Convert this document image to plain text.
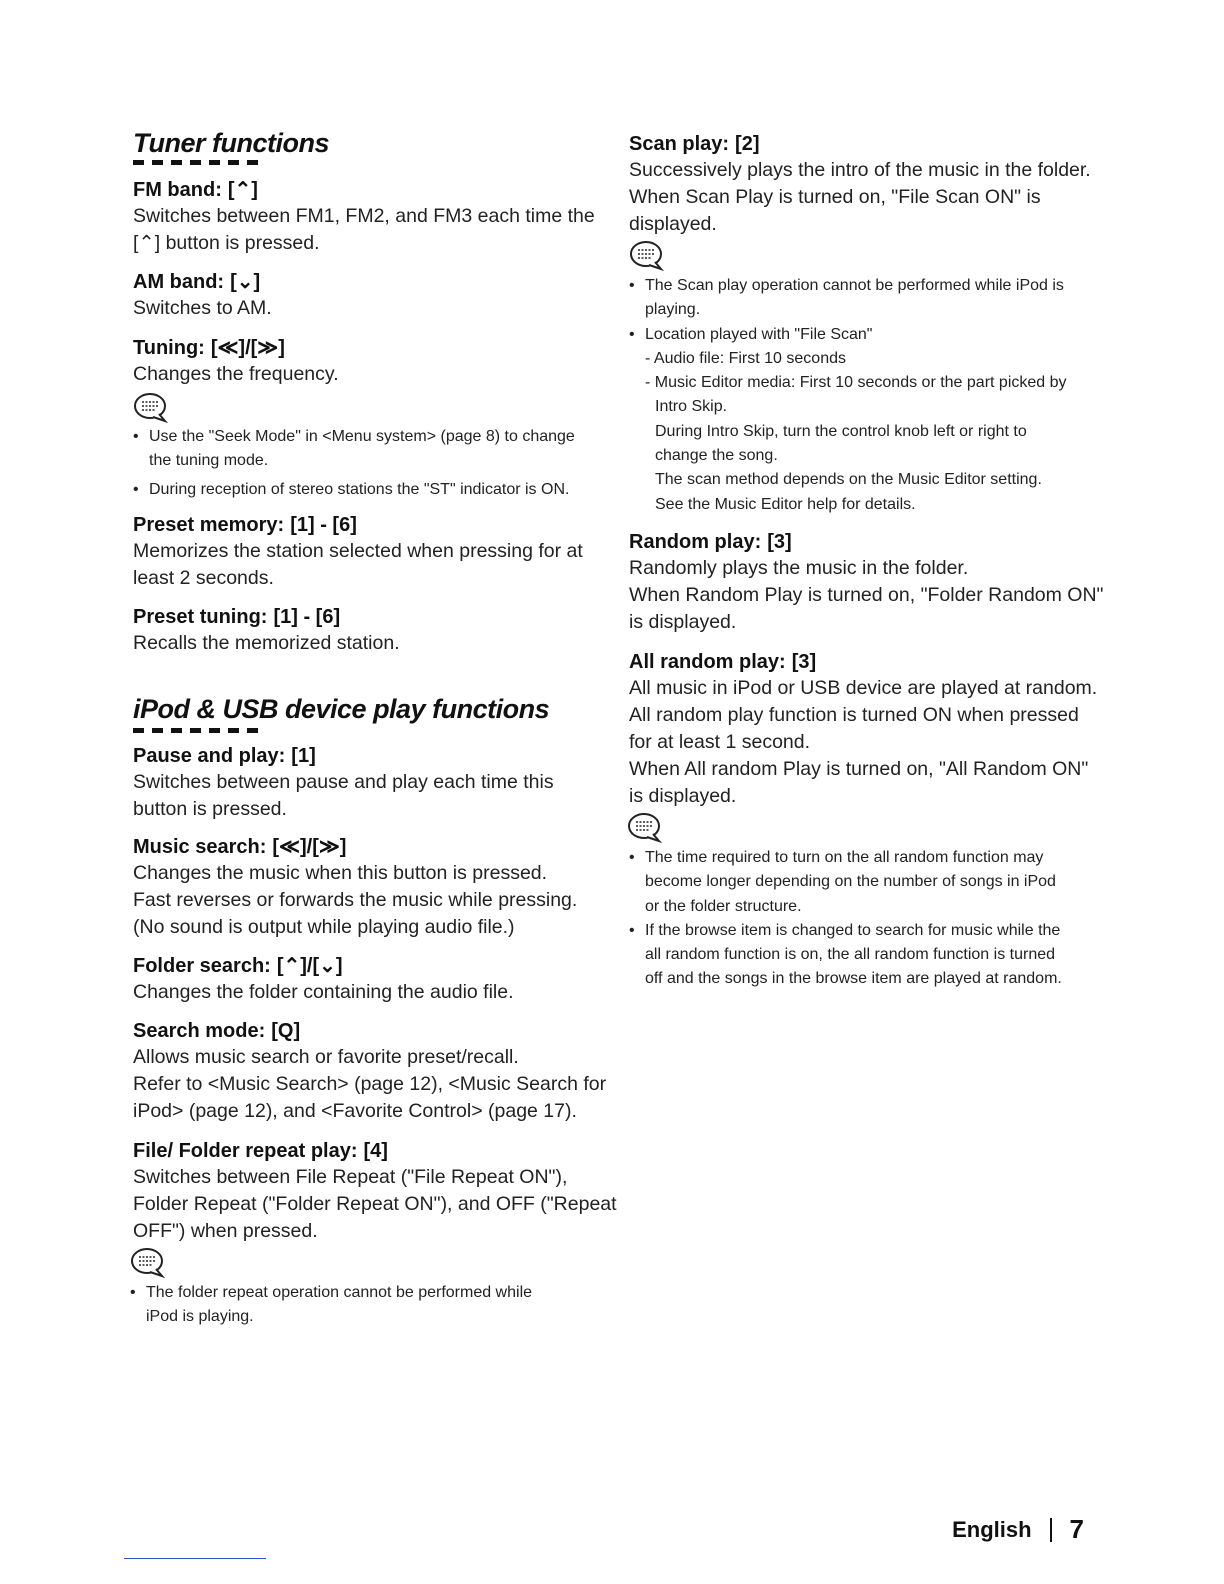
Tuner functions
FM band: [⌃]

Switches between FM1, FM2, and FM3 each time the
[⌃] button is pressed.

AM band: [⌄]

Switches to AM.

Tuning: [≪]/[≫]

Changes the frequency.

• Use the "Seek Mode" in <Menu system> (page 8) to change
the tuning mode.
• During reception of stereo stations the "ST" indicator is ON.
Preset memory: [1] - [6]

Memorizes the station selected when pressing for at
least 2 seconds.

Preset tuning: [1] - [6]

Recalls the memorized station.

iPod & USB device play functions
Pause and play: [1]

Switches between pause and play each time this
button is pressed.

Music search: [≪]/[≫]

Changes the music when this button is pressed.
Fast reverses or forwards the music while pressing.
(No sound is output while playing audio file.)

Folder search: [⌃]/[⌄]

Changes the folder containing the audio file.

Search mode: [Q]

Allows music search or favorite preset/recall.
Refer to <Music Search> (page 12), <Music Search for
iPod> (page 12), and <Favorite Control> (page 17).

File/ Folder repeat play: [4]

Switches between File Repeat ("File Repeat ON"),
Folder Repeat ("Folder Repeat ON"), and OFF ("Repeat
OFF") when pressed.

• The folder repeat operation cannot be performed while
iPod is playing.
Scan play: [2]

Successively plays the intro of the music in the folder.
When Scan Play is turned on, "File Scan ON" is
displayed.

• The Scan play operation cannot be performed while iPod is
playing.
• Location played with "File Scan"
- Audio file: First 10 seconds
- Music Editor media: First 10 seconds or the part picked by
Intro Skip.
During Intro Skip, turn the control knob left or right to
change the song.
The scan method depends on the Music Editor setting.
See the Music Editor help for details.
Random play: [3]

Randomly plays the music in the folder.
When Random Play is turned on, "Folder Random ON"
is displayed.

All random play: [3]

All music in iPod or USB device are played at random.
All random play function is turned ON when pressed
for at least 1 second.
When All random Play is turned on, "All Random ON"
is displayed.

• The time required to turn on the all random function may
become longer depending on the number of songs in iPod
or the folder structure.
• If the browse item is changed to search for music while the
all random function is on, the all random function is turned
off and the songs in the browse item are played at random.
English 7
